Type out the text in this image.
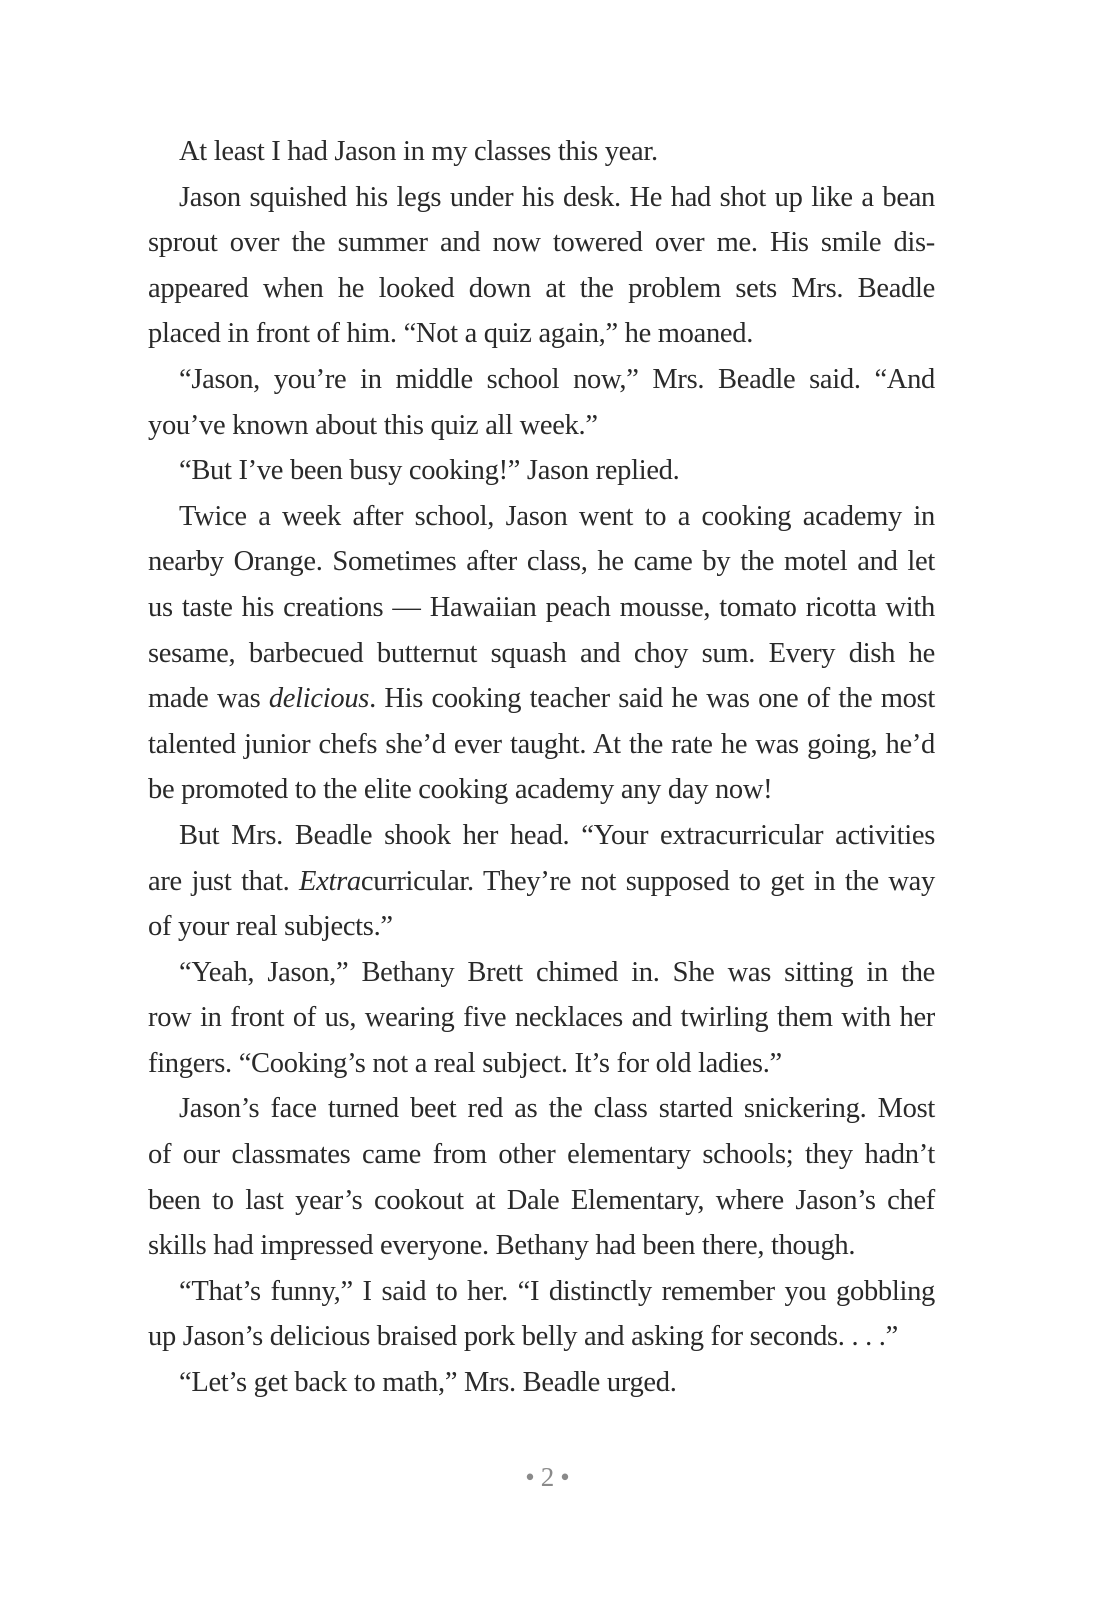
At least I had Jason in my classes this year.
Jason squished his legs under his desk. He had shot up like a bean
sprout over the summer and now towered over me. His smile dis-
appeared when he looked down at the problem sets Mrs. Beadle
placed in front of him. “Not a quiz again,” he moaned.
“Jason, you’re in middle school now,” Mrs. Beadle said. “And
you’ve known about this quiz all week.”
“But I’ve been busy cooking!” Jason replied.
Twice a week after school, Jason went to a cooking academy in
nearby Orange. Sometimes after class, he came by the motel and let
us taste his creations — Hawaiian peach mousse, tomato ricotta with
sesame, barbecued butternut squash and choy sum. Every dish he
made was delicious. His cooking teacher said he was one of the most
talented junior chefs she’d ever taught. At the rate he was going, he’d
be promoted to the elite cooking academy any day now!
But Mrs. Beadle shook her head. “Your extracurricular activities
are just that. Extracurricular. They’re not supposed to get in the way
of your real subjects.”
“Yeah, Jason,” Bethany Brett chimed in. She was sitting in the
row in front of us, wearing five necklaces and twirling them with her
fingers. “Cooking’s not a real subject. It’s for old ladies.”
Jason’s face turned beet red as the class started snickering. Most
of our classmates came from other elementary schools; they hadn’t
been to last year’s cookout at Dale Elementary, where Jason’s chef
skills had impressed everyone. Bethany had been there, though.
“That’s funny,” I said to her. “I distinctly remember you gobbling
up Jason’s delicious braised pork belly and asking for seconds. . . .”
“Let’s get back to math,” Mrs. Beadle urged.
•2•
